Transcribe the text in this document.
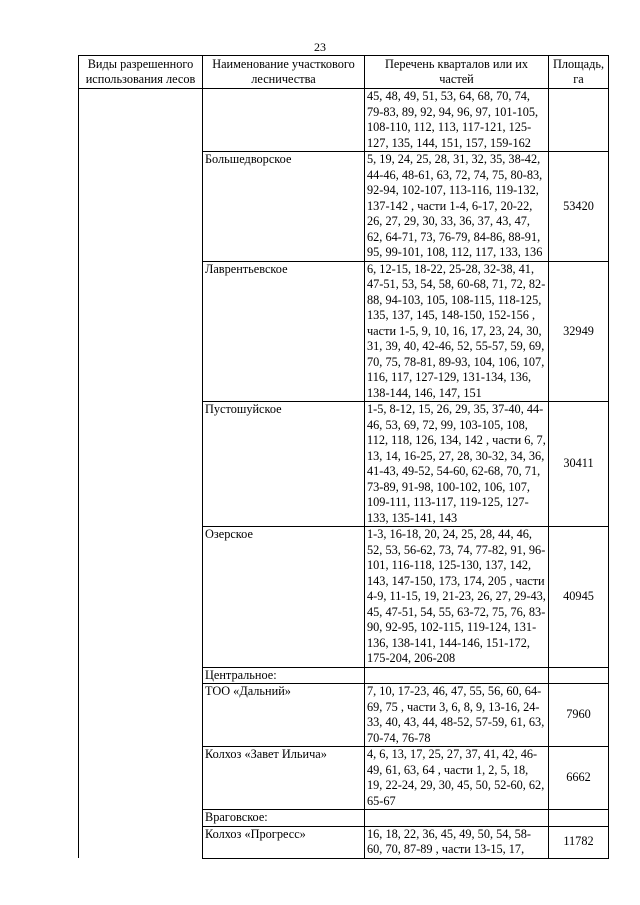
23
Виды разрешенного использования лесов	Наименование участкового лесничества	Перечень кварталов или их частей	Площадь, га
		45, 48, 49, 51, 53, 64, 68, 70, 74, 79-83, 89, 92, 94, 96, 97, 101-105, 108-110, 112, 113, 117-121, 125-127, 135, 144, 151, 157, 159-162	
	Большедворское	5, 19, 24, 25, 28, 31, 32, 35, 38-42, 44-46, 48-61, 63, 72, 74, 75, 80-83, 92-94, 102-107, 113-116, 119-132, 137-142 , части 1-4, 6-17, 20-22, 26, 27, 29, 30, 33, 36, 37, 43, 47, 62, 64-71, 73, 76-79, 84-86, 88-91, 95, 99-101, 108, 112, 117, 133, 136	53420
	Лаврентьевское	6, 12-15, 18-22, 25-28, 32-38, 41, 47-51, 53, 54, 58, 60-68, 71, 72, 82-88, 94-103, 105, 108-115, 118-125, 135, 137, 145, 148-150, 152-156 , части 1-5, 9, 10, 16, 17, 23, 24, 30, 31, 39, 40, 42-46, 52, 55-57, 59, 69, 70, 75, 78-81, 89-93, 104, 106, 107, 116, 117, 127-129, 131-134, 136, 138-144, 146, 147, 151	32949
	Пустошуйское	1-5, 8-12, 15, 26, 29, 35, 37-40, 44-46, 53, 69, 72, 99, 103-105, 108, 112, 118, 126, 134, 142 , части 6, 7, 13, 14, 16-25, 27, 28, 30-32, 34, 36, 41-43, 49-52, 54-60, 62-68, 70, 71, 73-89, 91-98, 100-102, 106, 107, 109-111, 113-117, 119-125, 127-133, 135-141, 143	30411
	Озерское	1-3, 16-18, 20, 24, 25, 28, 44, 46, 52, 53, 56-62, 73, 74, 77-82, 91, 96-101, 116-118, 125-130, 137, 142, 143, 147-150, 173, 174, 205 , части 4-9, 11-15, 19, 21-23, 26, 27, 29-43, 45, 47-51, 54, 55, 63-72, 75, 76, 83-90, 92-95, 102-115, 119-124, 131-136, 138-141, 144-146, 151-172, 175-204, 206-208	40945
	Центральное:		
	ТОО «Дальний»	7, 10, 17-23, 46, 47, 55, 56, 60, 64-69, 75 , части 3, 6, 8, 9, 13-16, 24-33, 40, 43, 44, 48-52, 57-59, 61, 63, 70-74, 76-78	7960
	Колхоз «Завет Ильича»	4, 6, 13, 17, 25, 27, 37, 41, 42, 46-49, 61, 63, 64 , части 1, 2, 5, 18, 19, 22-24, 29, 30, 45, 50, 52-60, 62, 65-67	6662
	Врагoвское:		
	Колхоз «Прогресс»	16, 18, 22, 36, 45, 49, 50, 54, 58-60, 70, 87-89 , части 13-15, 17,	11782
